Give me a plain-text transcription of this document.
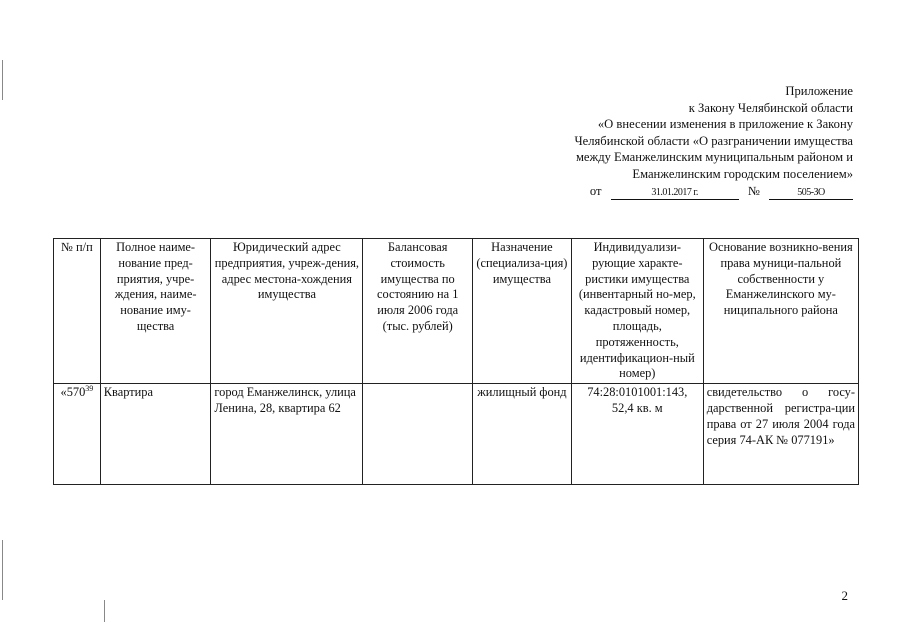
Приложение
к Закону Челябинской области
«О внесении изменения в приложение к Закону
Челябинской области «О разграничении имущества
между Еманжелинским муниципальным районом и
Еманжелинским городским поселением»
от	31.01.2017 г.	№	505-ЗО
№ п/п	Полное наиме-нование пред-приятия, учре-ждения, наиме-нование иму-щества	Юридический адрес предприятия, учреж-дения, адрес местона-хождения имущества	Балансовая стоимость имущества по состоянию на 1 июля 2006 года (тыс. рублей)	Назначение (специализа-ция) имущества	Индивидуализи-рующие характе-ристики имущества (инвентарный но-мер, кадастровый номер, площадь, протяженность, идентификацион-ный номер)	Основание возникно-вения права муници-пальной собственности у Еманжелинского му-ниципального района
«$570^{39}$	Квартира	город Еманжелинск, улица Ленина, 28, квартира 62		жилищный фонд	74:28:0101001:143, 52,4 кв. м	свидетельство о госу-дарственной регистра-ции права от 27 июля 2004 года серия 74-АК № 077191»
2
